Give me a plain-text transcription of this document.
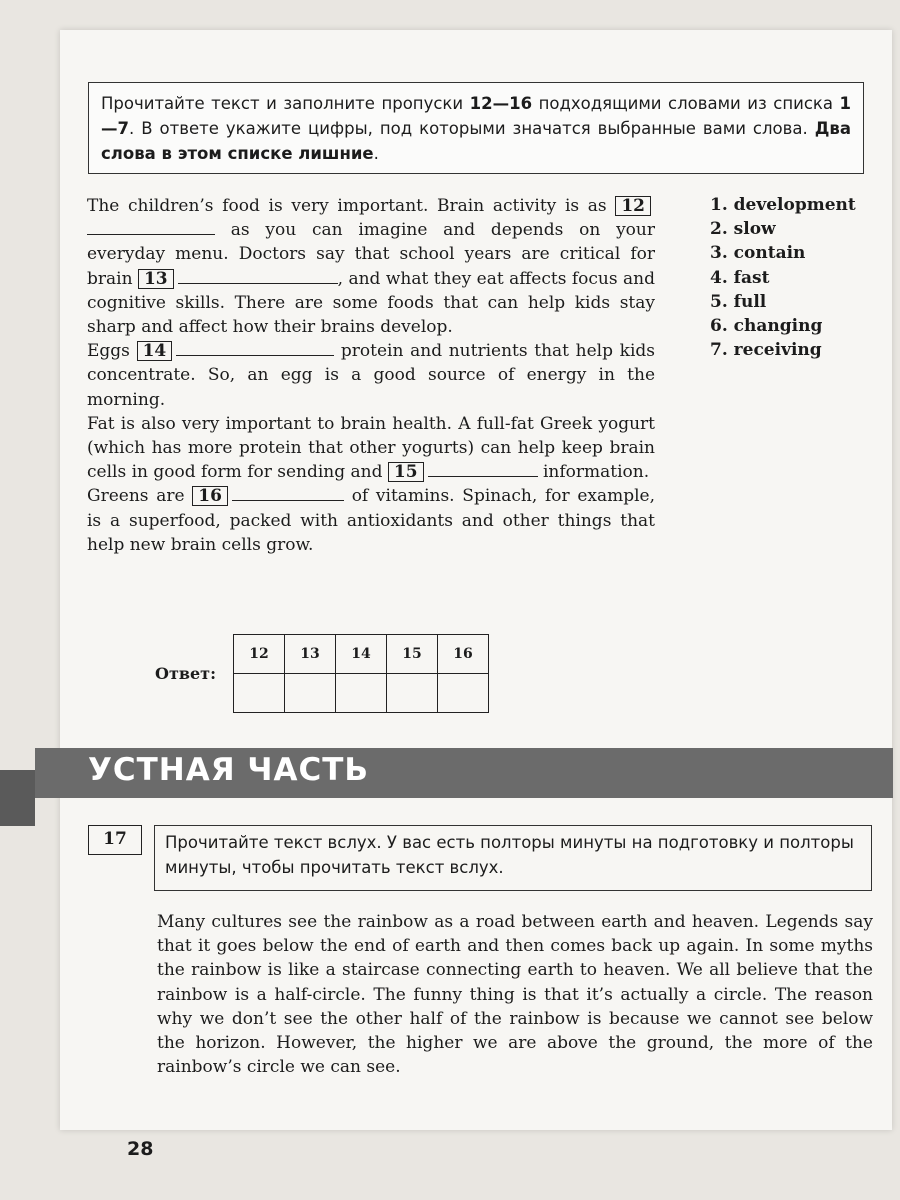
Прочитайте текст и заполните пропуски 12—16 подходящими словами из списка 1—7. В ответе укажите цифры, под которыми значатся выбранные вами слова. Два слова в этом списке лишние.

The children’s food is very important. Brain activity is as 12 as you can imagine and depends on your everyday menu. Doctors say that school years are critical for brain 13	, and what they eat affects focus and cognitive skills. There are some foods that can help kids stay sharp and affect how their brains develop.

Eggs 14	protein and nutrients that help kids concentrate. So, an egg is a good source of energy in the morning.

Fat is also very important to brain health. A full-fat Greek yogurt (which has more protein that other yogurts) can help keep brain cells in good form for sending and 15	information.

Greens are 16	of vitamins. Spinach, for example, is a superfood, packed with antioxidants and other things that help new brain cells grow.

1. development
2. slow
3. contain
4. fast
5. full
6. changing
7. receiving
Ответ:
12	13	14	15	16

УСТНАЯ ЧАСТЬ
17	Прочитайте текст вслух. У вас есть полторы минуты на подготовку и полторы минуты, чтобы прочитать текст вслух.

Many cultures see the rainbow as a road between earth and heaven. Legends say that it goes below the end of earth and then comes back up again. In some myths the rainbow is like a staircase connecting earth to heaven. We all believe that the rainbow is a half-circle. The funny thing is that it’s actually a circle. The reason why we don’t see the other half of the rainbow is because we cannot see below the horizon. However, the higher we are above the ground, the more of the rainbow’s circle we can see.

28
